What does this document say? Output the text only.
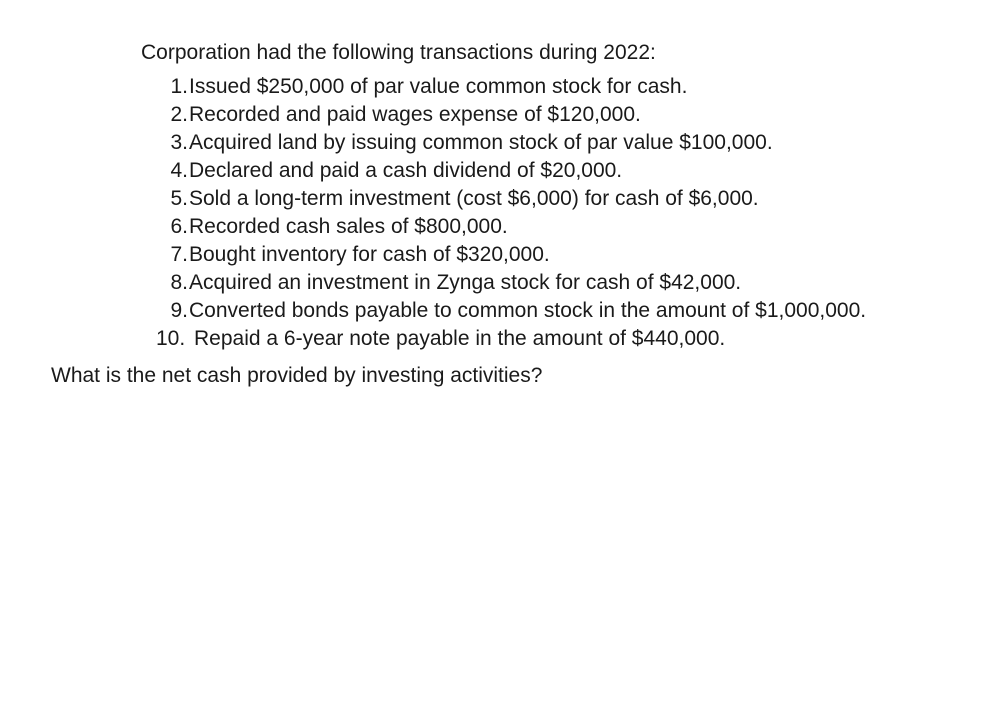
Corporation had the following transactions during 2022:
1. Issued $250,000 of par value common stock for cash.
2. Recorded and paid wages expense of $120,000.
3. Acquired land by issuing common stock of par value $100,000.
4. Declared and paid a cash dividend of $20,000.
5. Sold a long-term investment (cost $6,000) for cash of $6,000.
6. Recorded cash sales of $800,000.
7. Bought inventory for cash of $320,000.
8. Acquired an investment in Zynga stock for cash of $42,000.
9. Converted bonds payable to common stock in the amount of $1,000,000.
10. Repaid a 6-year note payable in the amount of $440,000.
What is the net cash provided by investing activities?
